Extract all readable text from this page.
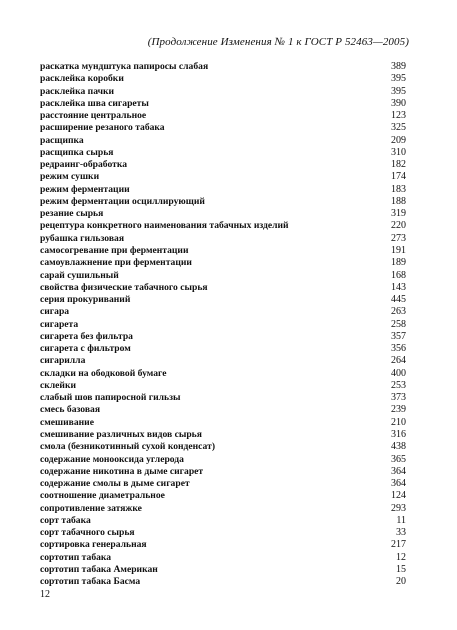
(Продолжение Изменения № 1 к ГОСТ Р 52463—2005)
раскатка мундштука папиросы слабая	389
расклейка коробки	395
расклейка пачки	395
расклейка шва сигареты	390
расстояние центральное	123
расширение резаного табака	325
расщипка	209
расщипка сырья	310
редраинг-обработка	182
режим сушки	174
режим ферментации	183
режим ферментации осциллирующий	188
резание сырья	319
рецептура конкретного наименования табачных изделий	220
рубашка гильзовая	273
самосогревание при ферментации	191
самоувлажнение при ферментации	189
сарай сушильный	168
свойства физические табачного сырья	143
серия прокуриваний	445
сигара	263
сигарета	258
сигарета без фильтра	357
сигарета с фильтром	356
сигарилла	264
складки на ободковой бумаге	400
склейки	253
слабый шов папиросной гильзы	373
смесь базовая	239
смешивание	210
смешивание различных видов сырья	316
смола (безникотинный сухой конденсат)	438
содержание монооксида углерода	365
содержание никотина в дыме сигарет	364
содержание смолы в дыме сигарет	364
соотношение диаметральное	124
сопротивление затяжке	293
сорт табака	11
сорт табачного сырья	33
сортировка генеральная	217
сортотип табака	12
сортотип табака Американ	15
сортотип табака Басма	20
12
